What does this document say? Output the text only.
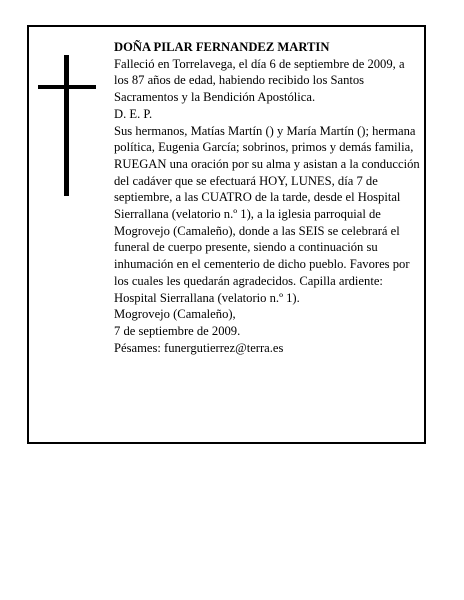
DOÑA PILAR FERNANDEZ MARTIN

Falleció en Torrelavega, el día 6 de septiembre de 2009, a los 87 años de edad, habiendo recibido los Santos Sacramentos y la Bendición Apostólica.

D. E. P.

Sus hermanos, Matías Martín () y María Martín (); hermana política, Eugenia García; sobrinos, primos y demás familia,

RUEGAN una oración por su alma y asistan a la conducción del cadáver que se efectuará HOY, LUNES, día 7 de septiembre, a las CUATRO de la tarde, desde el Hospital Sierrallana (velatorio n.º 1), a la iglesia parroquial de Mogrovejo (Camaleño), donde a las SEIS se celebrará el funeral de cuerpo presente, siendo a continuación su inhumación en el cementerio de dicho pueblo. Favores por los cuales les quedarán agradecidos. Capilla ardiente: Hospital Sierrallana (velatorio n.º 1).

Mogrovejo (Camaleño),

7 de septiembre de 2009.

Pésames: funergutierrez@terra.es
